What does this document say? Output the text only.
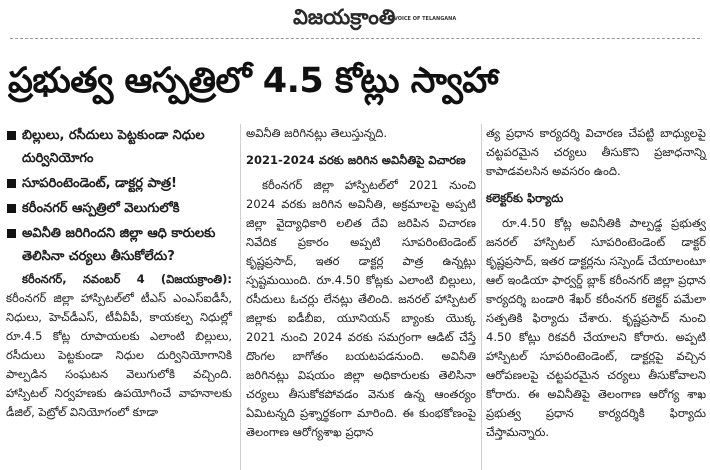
విజయక్రాంతి
VOICE OF TELANGANA
ప్రభుత్వ ఆస్పత్రిలో 4.5 కోట్లు స్వాహా
బిల్లులు, రసీదులు పెట్టకుండా నిధుల దుర్వినియోగం
సూపరింటెండెంట్, డాక్టర్ల పాత్ర!
కరీంనగర్ ఆస్పత్రిలో వెలుగులోకి
అవినీతి జరిగిందని జిల్లా ఆధి కారులకు తెలిసినా చర్యలు తీసుకోలేదు?
కరీంనగర్, నవంబర్ 4 (విజయక్రాంతి): కరీంనగర్ జిల్లా హాస్పిటల్‌లో టీఎస్ ఎంఎస్ఐడీసీ, నిధులు, హెచ్‌డీఎస్, టీవీవీపీ, కాయకల్ప నిధుల్లో రూ.4.5 కోట్ల రూపాయలకు ఎలాంటి బిల్లులు, రసీదులు పెట్టకుండా నిధుల దుర్వినియోగానికి పాల్పడిన సంఘటన వెలుగులోకి వచ్చింది. హాస్పిటల్ నిర్వహణకు ఉపయోగించే వాహనాలకు డీజిల్, పెట్రోల్ వినియోగంలో కూడా
అవినీతి జరిగినట్లు తెలుస్తున్నది.
2021-2024 వరకు జరిగిన అవినీతిపై విచారణ
కరీంనగర్ జిల్లా హాస్పిటల్‌లో 2021 నుంచి 2024 వరకు జరిగిన అవినీతి, అక్రమాలపై అప్పటి జిల్లా వైద్యాధికారి లలిత దేవి జరిపిన విచారణ నివేదిక ప్రకారం అప్పటి సూపరింటెండెంట్ కృష్ణప్రసాద్, ఇతర డాక్టర్ల పాత్ర ఉన్నట్లు స్పష్టమయింది. రూ.4.50 కోట్లకు ఎలాంటి బిల్లులు, రసీదులు ఓచర్లు లేనట్లు తేలింది. జనరల్ హాస్పిటల్ జిల్లాకు ఐడీబీఐ, యూనియన్ బ్యాంకు యొక్క 2021 నుంచి 2024 వరకు సమగ్రంగా ఆడిట్ చేస్తే దొంగల బాగోతం బయటపడనుంది. అవినీతి జరిగినట్లు విషయం జిల్లా అధికారులకు తెలిసినా చర్యలు తీసుకోకపోవడం వెనుక ఉన్న ఆంతర్యం ఏమిటన్నది ప్రశ్నార్థకంగా మారింది. ఈ కుంభకోణంపై తెలంగాణ ఆరోగ్యశాఖ ప్రధాన
త్య ప్రధాన కార్యదర్శి విచారణ చేపట్టి బాధ్యులపై చట్టపరమైన చర్యలు తీసుకొని ప్రజాధనాన్ని కాపాడవలసిన అవసరం ఉంది.
కలెక్టర్‌కు ఫిర్యాదు
రూ.4.50 కోట్ల అవినీతికి పాల్పడ్డ ప్రభుత్వ జనరల్ హాస్పిటల్ సూపరింటెండెంట్ డాక్టర్ కృష్ణప్రసాద్, ఇతర డాక్టర్లను సస్పెండ్ చేయాలంటూ ఆల్ ఇండియా ఫార్వర్డ్ బ్లాక్ కరీంనగర్ జిల్లా ప్రధాన కార్యదర్శి బండారి శేఖర్ కరీంనగర్ కలెక్టర్ పమేలా సత్పతికి ఫిర్యాదు చేశారు. కృష్ణప్రసాద్ నుంచి 4.50 కోట్లు రికవరీ చేయాలని కోరారు. అప్పటి హాస్పిటల్ సూపరింటెండెంట్, డాక్టర్లపై వచ్చిన ఆరోపణలపై చట్టపరమైన చర్యలు తీసుకోవాలని కోరారు. ఈ అవినీతిపై తెలంగాణ ఆరోగ్య శాఖ ప్రభుత్వ ప్రధాన కార్యదర్శికి ఫిర్యాదు చేస్తామన్నారు.
